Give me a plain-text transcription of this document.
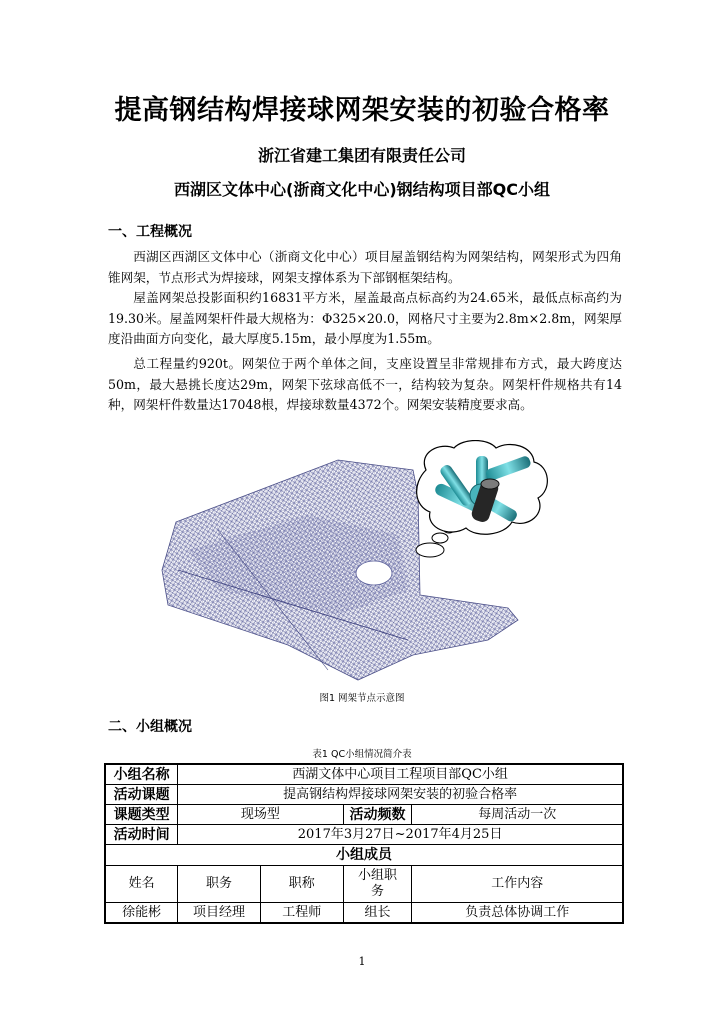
提高钢结构焊接球网架安装的初验合格率
浙江省建工集团有限责任公司
西湖区文体中心(浙商文化中心)钢结构项目部QC小组
一、工程概况

西湖区西湖区文体中心（浙商文化中心）项目屋盖钢结构为网架结构，网架形式为四角锥网架，节点形式为焊接球，网架支撑体系为下部钢框架结构。

屋盖网架总投影面积约16831平方米，屋盖最高点标高约为24.65米，最低点标高约为19.30米。屋盖网架杆件最大规格为：Φ325×20.0，网格尺寸主要为2.8m×2.8m，网架厚度沿曲面方向变化，最大厚度5.15m，最小厚度为1.55m。

总工程量约920t。网架位于两个单体之间，支座设置呈非常规排布方式，最大跨度达50m，最大悬挑长度达29m，网架下弦球高低不一，结构较为复杂。网架杆件规格共有14种，网架杆件数量达17048根，焊接球数量4372个。网架安装精度要求高。

图1 网架节点示意图
二、小组概况
表1 QC小组情况简介表
小组名称	西湖文体中心项目工程项目部QC小组			
活动课题	提高钢结构焊接球网架安装的初验合格率			
课题类型	现场型		活动频数	每周活动一次
活动时间	2017年3月27日~2017年4月25日			
小组成员				
姓名	职务	职称	小组职务	工作内容
徐能彬	项目经理	工程师	组长	负责总体协调工作
1
